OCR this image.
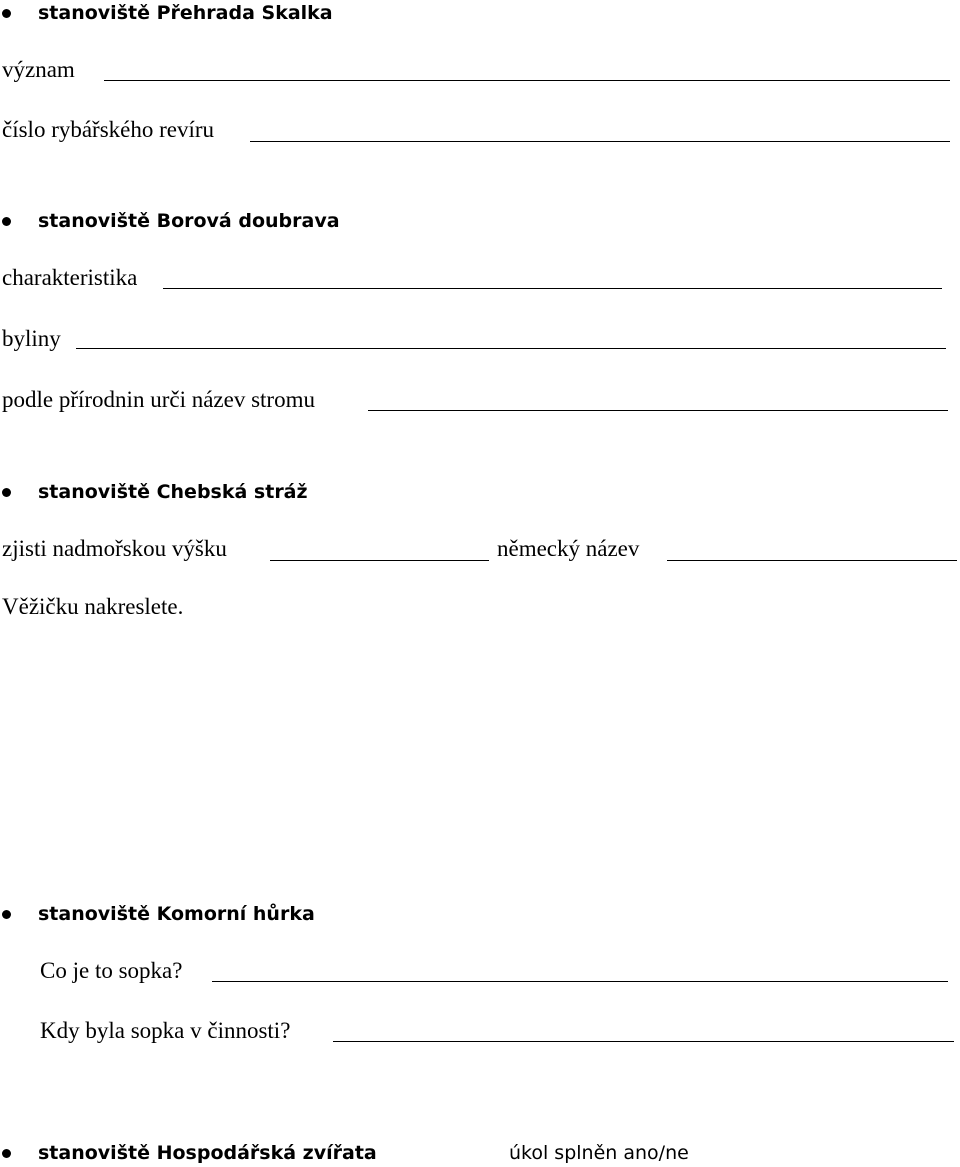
stanoviště Přehrada Skalka
význam
číslo rybářského revíru
stanoviště Borová doubrava
charakteristika
byliny
podle přírodnin urči název stromu
stanoviště Chebská stráž
zjisti nadmořskou výšku	německý název
Věžičku nakreslete.
stanoviště Komorní hůrka
Co je to sopka?
Kdy byla sopka v činnosti?
stanoviště Hospodářská zvířata	úkol splněn ano/ne
